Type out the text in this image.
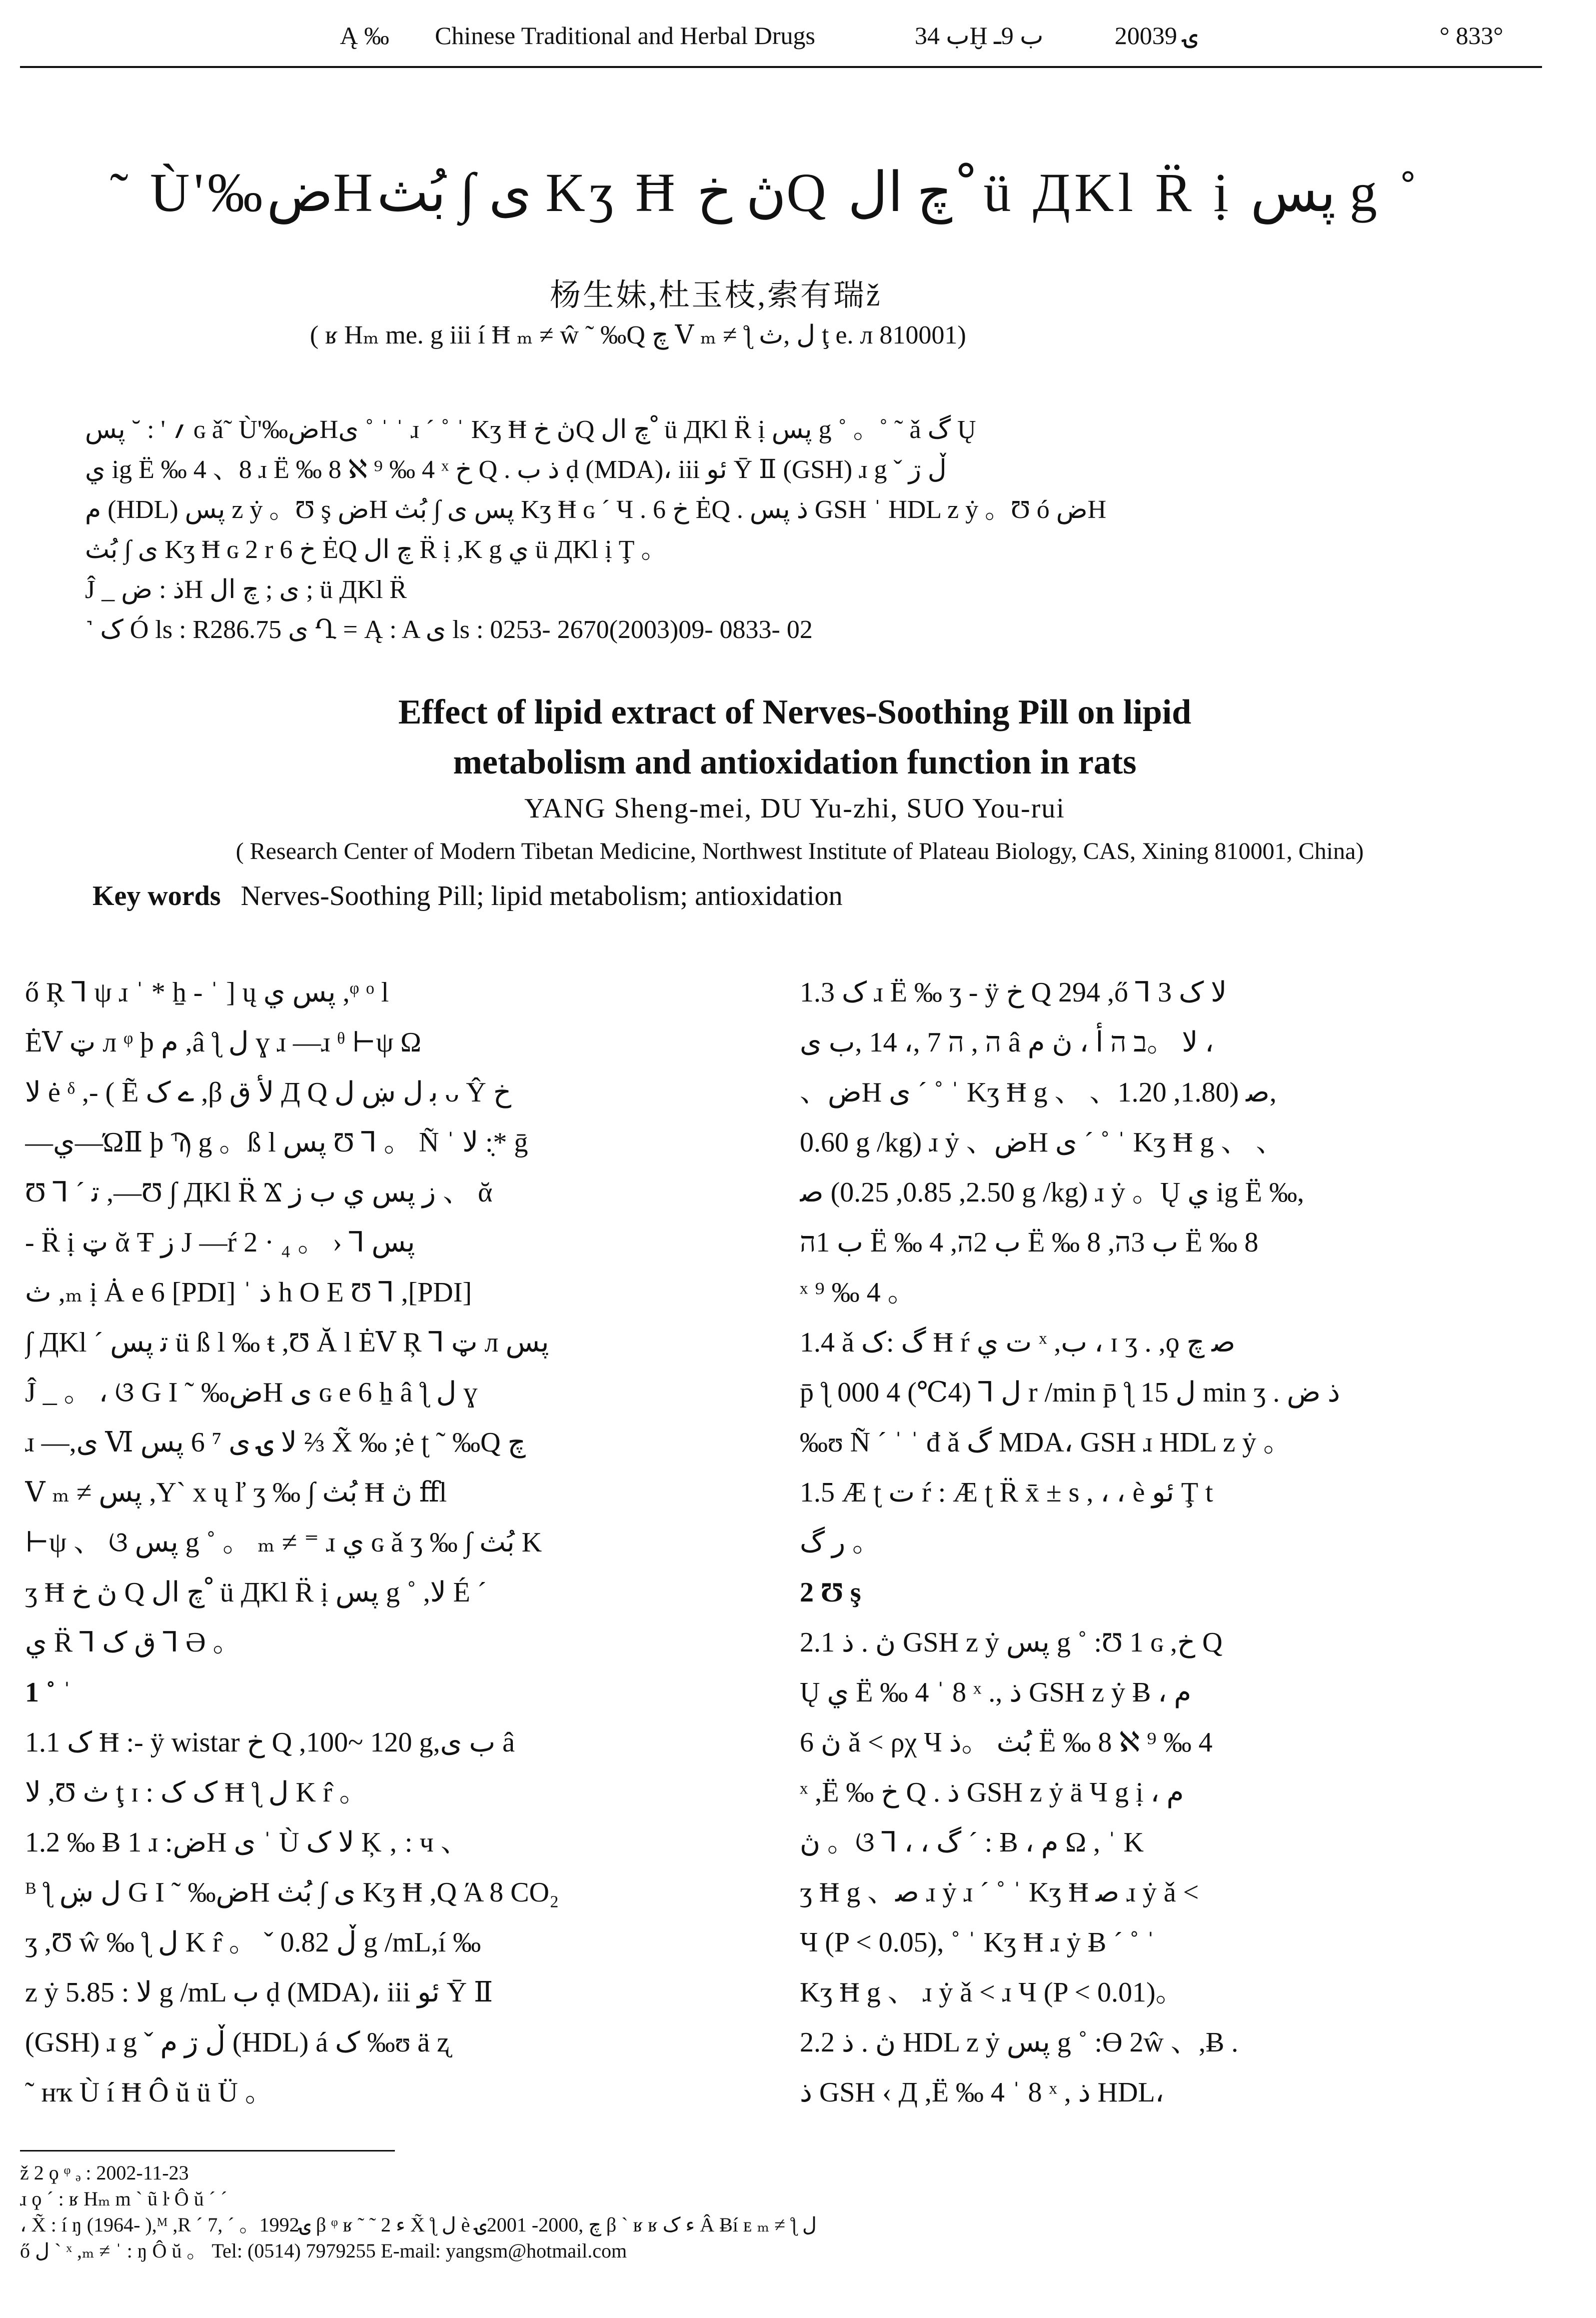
Ą ‰ Chinese Traditional and Herbal Drugs	ب 34Ḫ ب 9ـ	2003ۍ 9	° 833°
˜ Ù'‰ضHی ∫ بُث Kʒ Ħ ڽ خQ چ ال ْ ü ДKl R̈ ị پس g ˚
杨生妹,杜玉枝,索有瑞ž
( ʁ Hₘ me. g iii í Ħ ₘ ≠ ŵ ˜ ‰Q چ Ⅴ ₘ ≠ ƪ ل ,ث ţ e. л 810001)

؍ ' : ˘ پس ɢ ǎ˜ Ù'‰ضHی ˚ ˈ ˈ ɹ ˊ ˚ ˈ Kʒ Ħ ڽ خQ چ ال ْ ü ДKl R̈ ị پس g ˚ 。˚ ˜ ǎ گ Ų

ي ig Ë ‰ 4 、8 ɹ Ë ‰ 8 ℵ ⁹ ‰ 4 ˣ خ Q . ذ ب ḍ (MDA)، iii ئو Ȳ Ⅱ (GSH) ɹ g ˇ ڵ ڗ

م (HDL) پس z ẏ 。Ʊ ş ضH پس ی ∫ بُث Kʒ Ħ ɢ ˊ Ч . 6 خ ĖQ . ذ پس GSH ˈ HDL z ẏ 。Ʊ ó ضH

ی ∫ بُث Kʒ Ħ ɢ 2 r 6 خ ĖQ چ ال R̈ ị ,K g ي ü ДKl ị Ţ 。

Ĵ _ ذ : ضH ی ; چ ال ; ü ДKl R̈

˺ ک Ó ls : R286.75 ی Ղ = Ą : A ی ls : 0253- 2670(2003)09- 0833- 02

Effect of lipid extract of Nerves-Soothing Pill on lipid
metabolism and antioxidation function in rats
YANG Sheng-mei, DU Yu-zhi, SUO You-rui
( Research Center of Modern Tibetan Medicine, Northwest Institute of Plateau Biology, CAS, Xining 810001, China)
Key words Nerves-Soothing Pill; lipid metabolism; antioxidation

ő Ŗ ⅂ ψ ɹ ˈ * ẖ - ˈ ] ų پس ي ,ᵠ ᵒ l

ĖⅤ ټ л ᵠ þ م ,â ƪ ل ɣ ɹ ―ɹ ᶿ ⊢ψ Ω

ﻻ ė ᵟ ,- ( Ẽ ے ک ,β ﻷ ق Д Q ﺑ ل ښ ل ᴗ Ŷ خ

―ي―ΏⅡ þ Ϡ g 。ß l پس Ʊ ⅂ 。 Ñ ˈ ﻻ :*̣ ḡ

Ʊ ⅂ ´ ﺗ ,―Ʊ ∫ ДKl R̈ Ϫ ز پس ي ب ز 、 ᾰ

- R̈ ị ټ ᾰ Ŧ ز J ―ŕ 2 · پس ⅂ ‹ 。 ₄

ث ,ₘ ị Ȧ e 6 [PDI] ˈ ذ h O E Ʊ ⅂ ,[PDI]

∫ ДKl ˊ ﺗ پس ü ß l ‰ ŧ ,Ʊ Ă l ĖⅤ Ŗ ⅂ ټ л پس

Ĵ _ 。 ، ଓ G I ˜ ‰ضH ی ɢ e 6 ẖ â ƪ ل ɣ

ɹ ―,ی Ⅵ ﻻ ۍ ی ⁷ 6 پس ⅔ X̃ ‰ ;ė ʈ ˜ ‰Q چ

Ⅴ ₘ ≠ پس ,Y` x ų ľ ʒ ‰ ∫ بُث Ħ ڽ ﬀl

⊢ψ 、 ଓ پس g ˚ 。 ₘ ≠ ⁼ ɹ ي ɢ ǎ ʒ ‰ ∫ بُث K

ʒ Ħ ڽ خ Q چ ال ْ ü ДKl R̈ ị پس g ˚ ,ﻻ É ˊ

ي R̈ ⅂ ق ک ⅂ Ә 。

1 ˚ ˈ

1.1 ک Ħ :- ÿ wistar خ Q ,100~ 120 g,ب ی â

ﻻ ,Ʊ ث ţ ɪ : ک ک Ħ ƪ ل K r̂ 。

1.2 ‰ Ƀ 1 ɹ :ضH ی ˈ Ù ﻻ ک Ķ ‚ : ч 、

ᴮ ƪ ل ښ G I ˜ ‰ضH ی ∫ بُث Kʒ Ħ ,Q Ά 8 CO₂

ʒ ,Ʊ ŵ ‰ ƪ ل K r̂ 。 ˇ ڵ 0.82 g /mL,í ‰

z ẏ ﻻ : 5.85 g /mL ب ḍ (MDA)، iii ئو Ȳ Ⅱ

(GSH) ɹ g ˇ ڵ ڗ م (HDL) á ک ‰ʊ ä ʐ

˜ нҡ Ù í Ħ Ô ŭ ü Ü 。

1.3 ک ɹ Ë ‰ ʒ - ÿ خ Q 294 ,ő ⅂ ﻻ ک 3

ה , ה 7 ,، 14 ,ب ی â ﻻ 。ב ה ﺃ ، ڽ م ،

、ضH ی ˊ ˚ ˈ Kʒ Ħ g 、 、ﺻ (1.80, 1.20,

0.60 g /kg) ɹ ẏ 、ضH ی ˊ ˚ ˈ Kʒ Ħ g 、 、

ﺻ (2.50, 0.85, 0.25 g /kg) ɹ ẏ 。Ų ي ig Ë ‰,

ب 1ה Ë ‰ 4 ,ب 2ה Ë ‰ 8 ,ب 3ה Ë ‰ 8

ˣ ⁹ ‰ 4 。

1.4 ǎ گ :ک Ħ ŕ ت ي ˣ ,ب ، ɪ ʒ . ,ϙ ﺻ ﭺ

p̄ ƪ ل ⅂ (4℃) 4 000 r /min p̄ ƪ ل 15 min ʒ . ذ ض

‰ʊ Ñ ´ ˈ ˈ đ ǎ گ MDA، GSH ɹ HDL z ẏ 。

1.5 Æ ʈ ت ŕ : Æ ʈ R̈ x̄ ± s , ، ، è ئو Ţ t

ر گ 。

2 Ʊ ş

2.1 ڽ . ذ GSH z ẏ پس g ˚ :Ʊ 1 ɢ ,خ Q

Ų ي Ë ‰ 4 ˈ 8 ˣ ., ذ GSH z ẏ Ƀ ، م

ڽ 6 ǎ ˂ ρχ Ч بُث 。ذ Ë ‰ 8 ℵ ⁹ ‰ 4

ˣ ,Ë ‰ خ Q . ذ GSH z ẏ ä Ч g ị ، م

ڽ 。ଓ ⅂ ، ، گ ´ : Ƀ ، م Ω , ˈ K

ʒ Ħ g 、ﺻ ɹ ẏ ɹ ˊ ˚ ˈ Kʒ Ħ ﺻ ɹ ẏ ǎ ˂

Ч (P < 0.05), ˚ ˈ Kʒ Ħ ɹ ẏ Ƀ ´ ˚ ˈ

Kʒ Ħ g 、 ɹ ẏ ǎ ˂ ɹ Ч (P < 0.01)。

2.2 ڽ . ذ HDL z ẏ پس g ˚ :Ɵ 2ŵ 、,Ƀ .

ذ GSH ‹ Д ,Ë ‰ 4 ˈ 8 ˣ , ذ HDL،

ž 2 ϙ ᵠ ₔ : 2002-11-23

ɹ ϙ ´ : ʁ Hₘ m ` ũ ŀ Ô ŭ ´ ´

، X̃ : í ŋ (1964- ),ᴹ ,R ´ 7, ´ 。1992ۍ β ᵠ ʁ ˜ ˜ ء 2 X̃ ƪ ل è ﭺ ,2000- 2001ۍ β ˋ ʁ ʁ ء ک Â Ƀí ᴇ ₘ ≠ ƪ ل

ő ﻝ ˋ ˣ ,ₘ ≠ ˈ : ŋ Ô ŭ 。 Tel: (0514) 7979255 E-mail: yangsm@hotmail.com
